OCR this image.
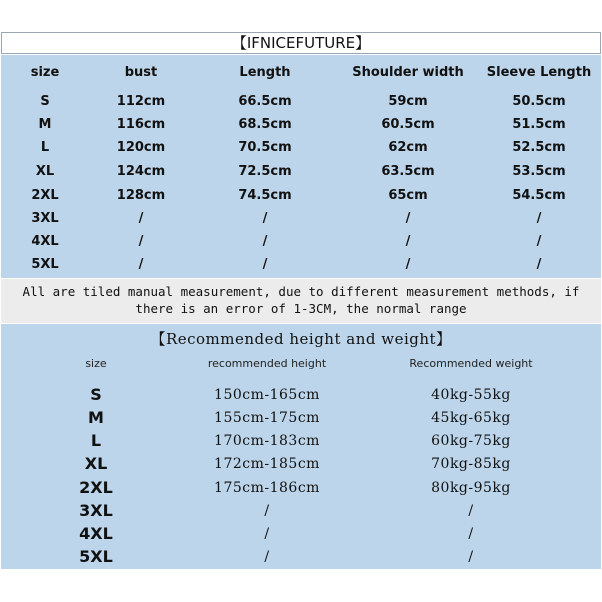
【IFNICEFUTURE】
size	bust	Length	Shoulder width	Sleeve Length
S	112cm	66.5cm	59cm	50.5cm
M	116cm	68.5cm	60.5cm	51.5cm
L	120cm	70.5cm	62cm	52.5cm
XL	124cm	72.5cm	63.5cm	53.5cm
2XL	128cm	74.5cm	65cm	54.5cm
3XL	/	/	/	/
4XL	/	/	/	/
5XL	/	/	/	/
All are tiled manual measurement, due to different measurement methods, if
there is an error of 1-3CM, the normal range
【Recommended height and weight】
size	recommended height	Recommended weight
S	150cm-165cm	40kg-55kg
M	155cm-175cm	45kg-65kg
L	170cm-183cm	60kg-75kg
XL	172cm-185cm	70kg-85kg
2XL	175cm-186cm	80kg-95kg
3XL	/	/
4XL	/	/
5XL	/	/
